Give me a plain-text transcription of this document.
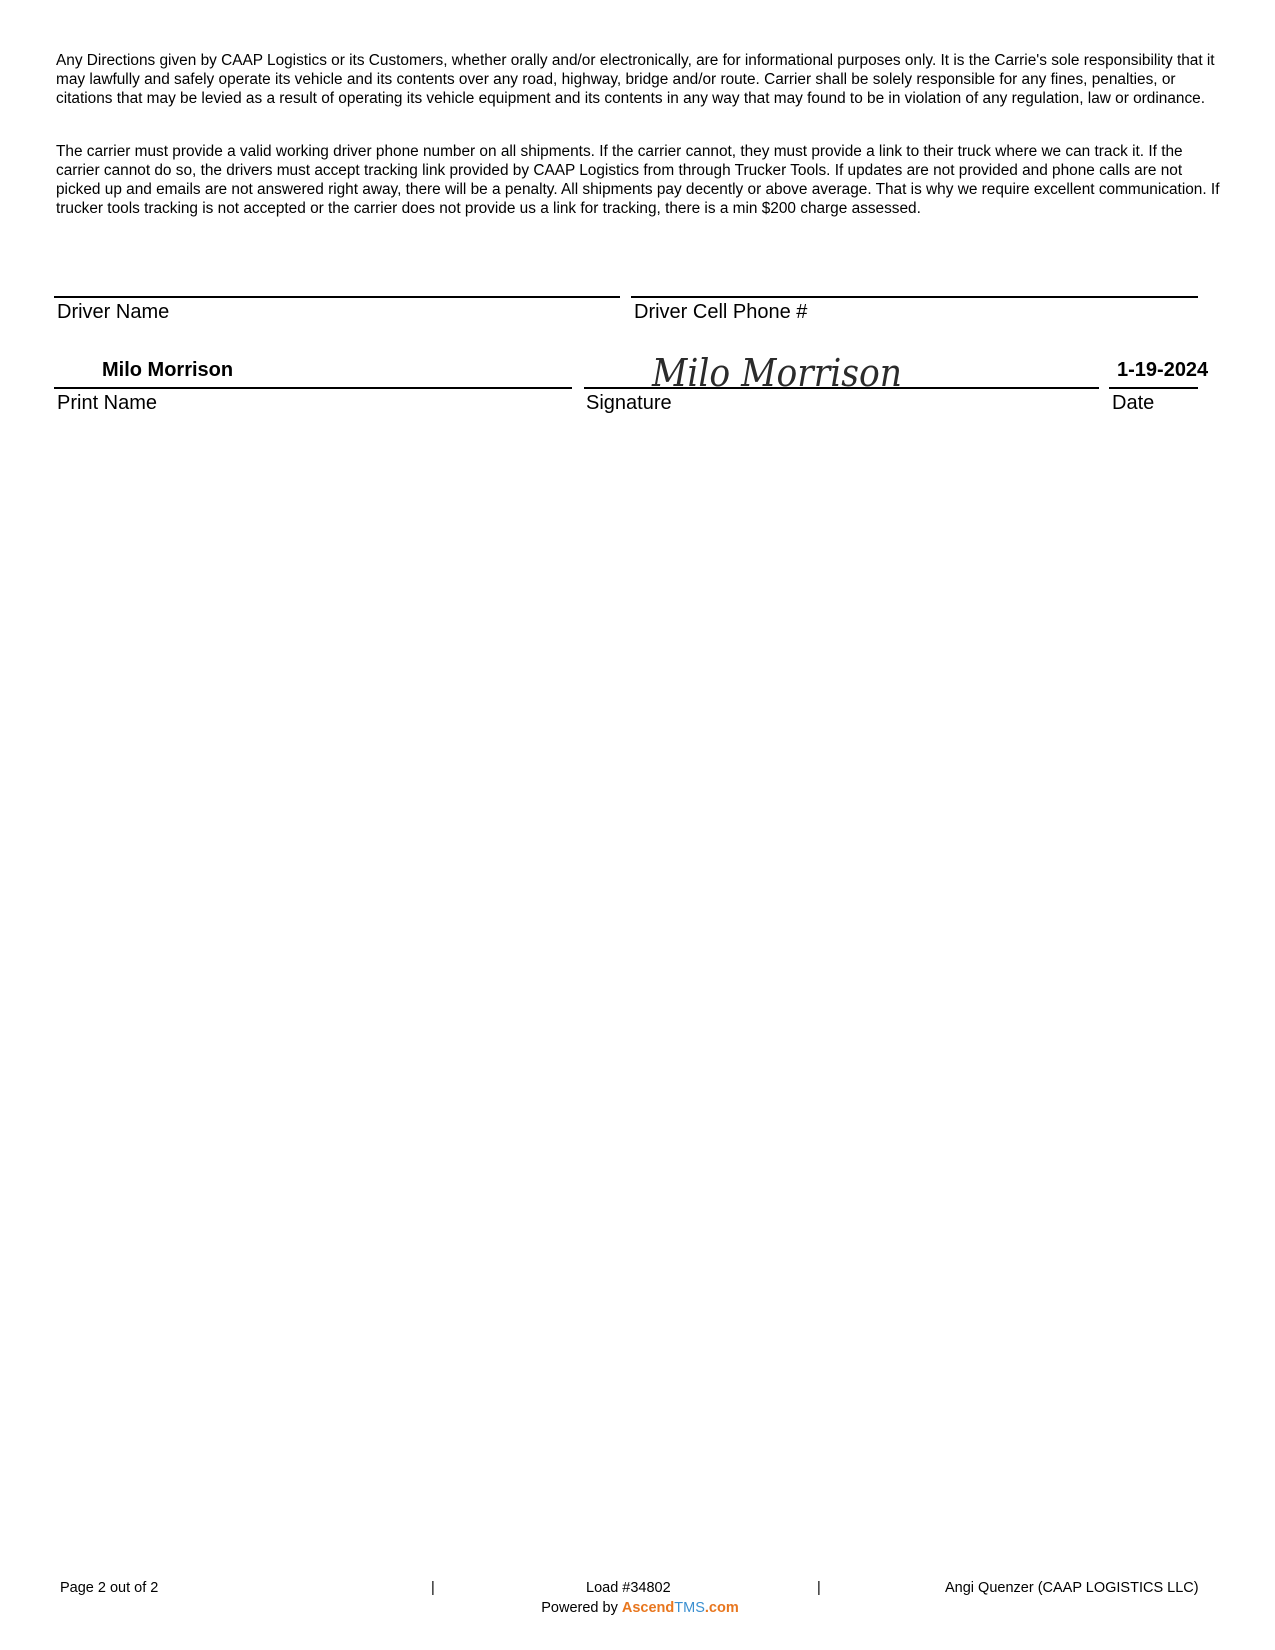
Any Directions given by CAAP Logistics or its Customers, whether orally and/or electronically, are for informational purposes only. It is the Carrie's sole responsibility that it may lawfully and safely operate its vehicle and its contents over any road, highway, bridge and/or route. Carrier shall be solely responsible for any fines, penalties, or citations that may be levied as a result of operating its vehicle equipment and its contents in any way that may found to be in violation of any regulation, law or ordinance.

The carrier must provide a valid working driver phone number on all shipments. If the carrier cannot, they must provide a link to their truck where we can track it. If the carrier cannot do so, the drivers must accept tracking link provided by CAAP Logistics from through Trucker Tools. If updates are not provided and phone calls are not picked up and emails are not answered right away, there will be a penalty. All shipments pay decently or above average. That is why we require excellent communication. If trucker tools tracking is not accepted or the carrier does not provide us a link for tracking, there is a min $200 charge assessed.

Driver Name	Driver Cell Phone #
Milo Morrison	Milo Morrison	1-19-2024
Print Name	Signature	Date
Page 2 out of 2	|	Load #34802	|	Angi Quenzer (CAAP LOGISTICS LLC)
Powered by AscendTMS.com
